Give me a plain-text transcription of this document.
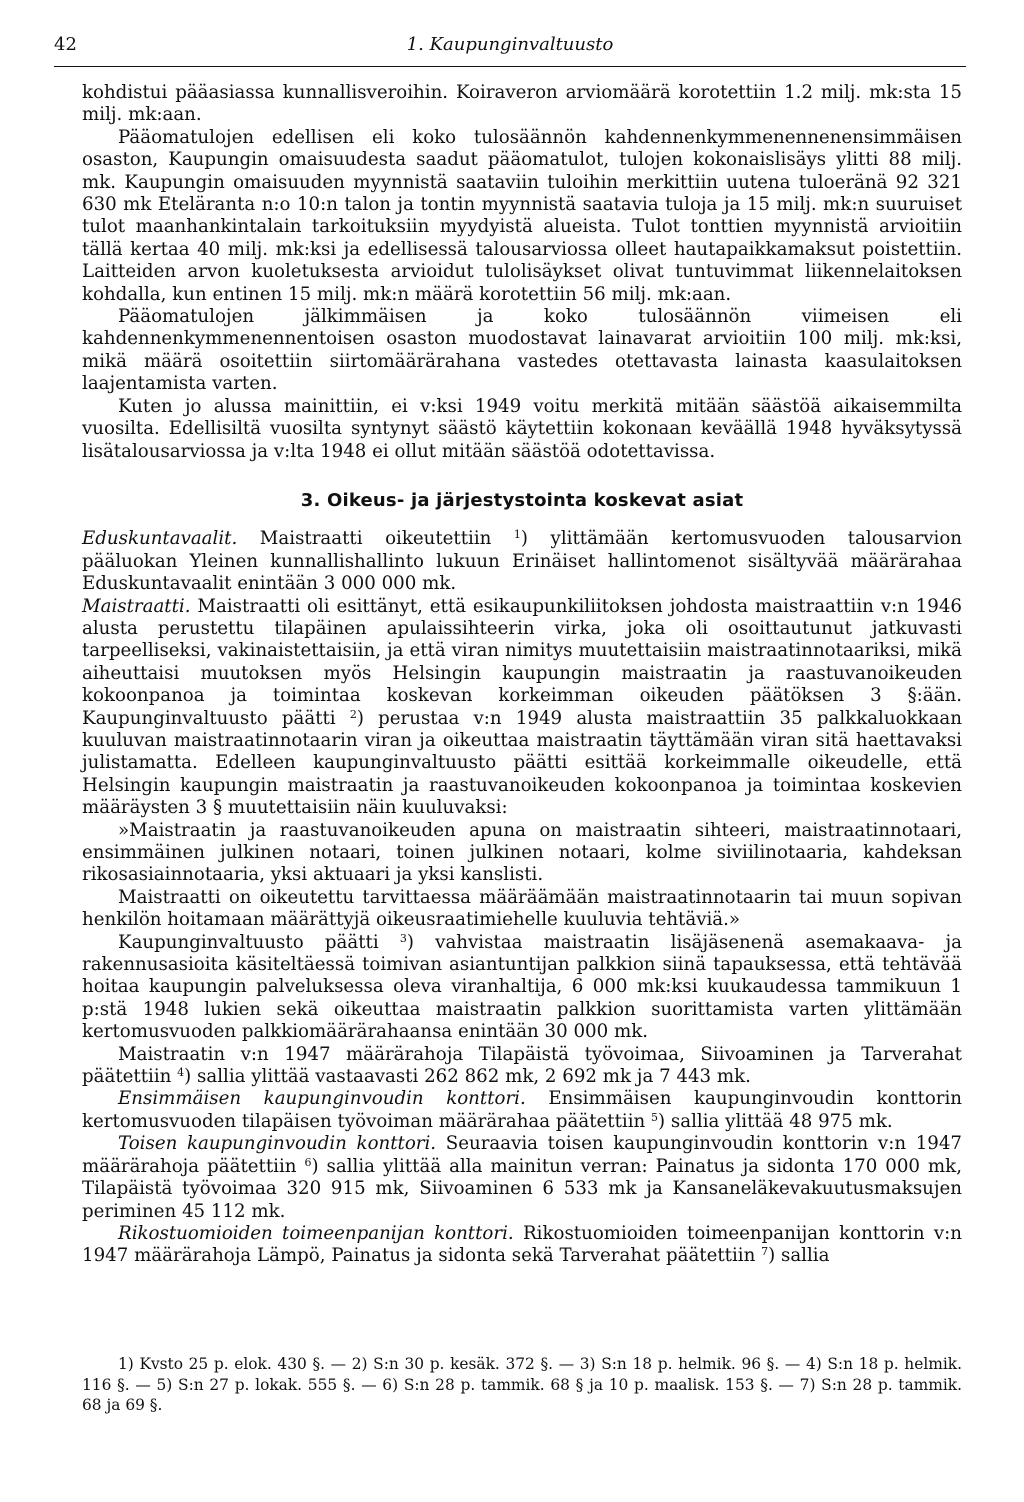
42	1. Kaupunginvaltuusto

kohdistui pääasiassa kunnallisveroihin. Koiraveron arviomäärä korotettiin 1.2 milj. mk:sta 15 milj. mk:aan.

Pääomatulojen edellisen eli koko tulosäännön kahdennenkymmenennenensimmäisen osaston, Kaupungin omaisuudesta saadut pääomatulot, tulojen kokonaislisäys ylitti 88 milj. mk. Kaupungin omaisuuden myynnistä saataviin tuloihin merkittiin uutena tuloeränä 92 321 630 mk Eteläranta n:o 10:n talon ja tontin myynnistä saatavia tuloja ja 15 milj. mk:n suuruiset tulot maanhankintalain tarkoituksiin myydyistä alueista. Tulot tonttien myynnistä arvioitiin tällä kertaa 40 milj. mk:ksi ja edellisessä talousarviossa olleet hautapaikkamaksut poistettiin. Laitteiden arvon kuoletuksesta arvioidut tulolisäykset olivat tuntuvimmat liikennelaitoksen kohdalla, kun entinen 15 milj. mk:n määrä korotettiin 56 milj. mk:aan.

Pääomatulojen jälkimmäisen ja koko tulosäännön viimeisen eli kahdennenkymmenennentoisen osaston muodostavat lainavarat arvioitiin 100 milj. mk:ksi, mikä määrä osoitettiin siirtomäärärahana vastedes otettavasta lainasta kaasulaitoksen laajentamista varten.

Kuten jo alussa mainittiin, ei v:ksi 1949 voitu merkitä mitään säästöä aikaisemmilta vuosilta. Edellisiltä vuosilta syntynyt säästö käytettiin kokonaan keväällä 1948 hyväksytyssä lisätalousarviossa ja v:lta 1948 ei ollut mitään säästöä odotettavissa.

3. Oikeus- ja järjestystointa koskevat asiat

Eduskuntavaalit. Maistraatti oikeutettiin $^1$) ylittämään kertomusvuoden talousarvion pääluokan Yleinen kunnallishallinto lukuun Erinäiset hallintomenot sisältyvää määrärahaa Eduskuntavaalit enintään 3 000 000 mk.

Maistraatti. Maistraatti oli esittänyt, että esikaupunkiliitoksen johdosta maistraattiin v:n 1946 alusta perustettu tilapäinen apulaissihteerin virka, joka oli osoittautunut jatkuvasti tarpeelliseksi, vakinaistettaisiin, ja että viran nimitys muutettaisiin maistraatinnotaariksi, mikä aiheuttaisi muutoksen myös Helsingin kaupungin maistraatin ja raastuvanoikeuden kokoonpanoa ja toimintaa koskevan korkeimman oikeuden päätöksen 3 §:ään. Kaupunginvaltuusto päätti $^2$) perustaa v:n 1949 alusta maistraattiin 35 palkkaluokkaan kuuluvan maistraatinnotaarin viran ja oikeuttaa maistraatin täyttämään viran sitä haettavaksi julistamatta. Edelleen kaupunginvaltuusto päätti esittää korkeimmalle oikeudelle, että Helsingin kaupungin maistraatin ja raastuvanoikeuden kokoonpanoa ja toimintaa koskevien määräysten 3 § muutettaisiin näin kuuluvaksi:

»Maistraatin ja raastuvanoikeuden apuna on maistraatin sihteeri, maistraatinnotaari, ensimmäinen julkinen notaari, toinen julkinen notaari, kolme siviilinotaaria, kahdeksan rikosasiainnotaaria, yksi aktuaari ja yksi kanslisti.

Maistraatti on oikeutettu tarvittaessa määräämään maistraatinnotaarin tai muun sopivan henkilön hoitamaan määrättyjä oikeusraatimiehelle kuuluvia tehtäviä.»

Kaupunginvaltuusto päätti $^3$) vahvistaa maistraatin lisäjäsenenä asemakaava- ja rakennusasioita käsiteltäessä toimivan asiantuntijan palkkion siinä tapauksessa, että tehtävää hoitaa kaupungin palveluksessa oleva viranhaltija, 6 000 mk:ksi kuukaudessa tammikuun 1 p:stä 1948 lukien sekä oikeuttaa maistraatin palkkion suorittamista varten ylittämään kertomusvuoden palkkiomäärärahaansa enintään 30 000 mk.

Maistraatin v:n 1947 määrärahoja Tilapäistä työvoimaa, Siivoaminen ja Tarverahat päätettiin $^4$) sallia ylittää vastaavasti 262 862 mk, 2 692 mk ja 7 443 mk.

Ensimmäisen kaupunginvoudin konttori. Ensimmäisen kaupunginvoudin konttorin kertomusvuoden tilapäisen työvoiman määrärahaa päätettiin $^5$) sallia ylittää 48 975 mk.

Toisen kaupunginvoudin konttori. Seuraavia toisen kaupunginvoudin konttorin v:n 1947 määrärahoja päätettiin $^6$) sallia ylittää alla mainitun verran: Painatus ja sidonta 170 000 mk, Tilapäistä työvoimaa 320 915 mk, Siivoaminen 6 533 mk ja Kansaneläkevakuutusmaksujen periminen 45 112 mk.

Rikostuomioiden toimeenpanijan konttori. Rikostuomioiden toimeenpanijan konttorin v:n 1947 määrärahoja Lämpö, Painatus ja sidonta sekä Tarverahat päätettiin $^7$) sallia

1) Kvsto 25 p. elok. 430 §. — 2) S:n 30 p. kesäk. 372 §. — 3) S:n 18 p. helmik. 96 §. — 4) S:n 18 p. helmik. 116 §. — 5) S:n 27 p. lokak. 555 §. — 6) S:n 28 p. tammik. 68 § ja 10 p. maalisk. 153 §. — 7) S:n 28 p. tammik. 68 ja 69 §.
